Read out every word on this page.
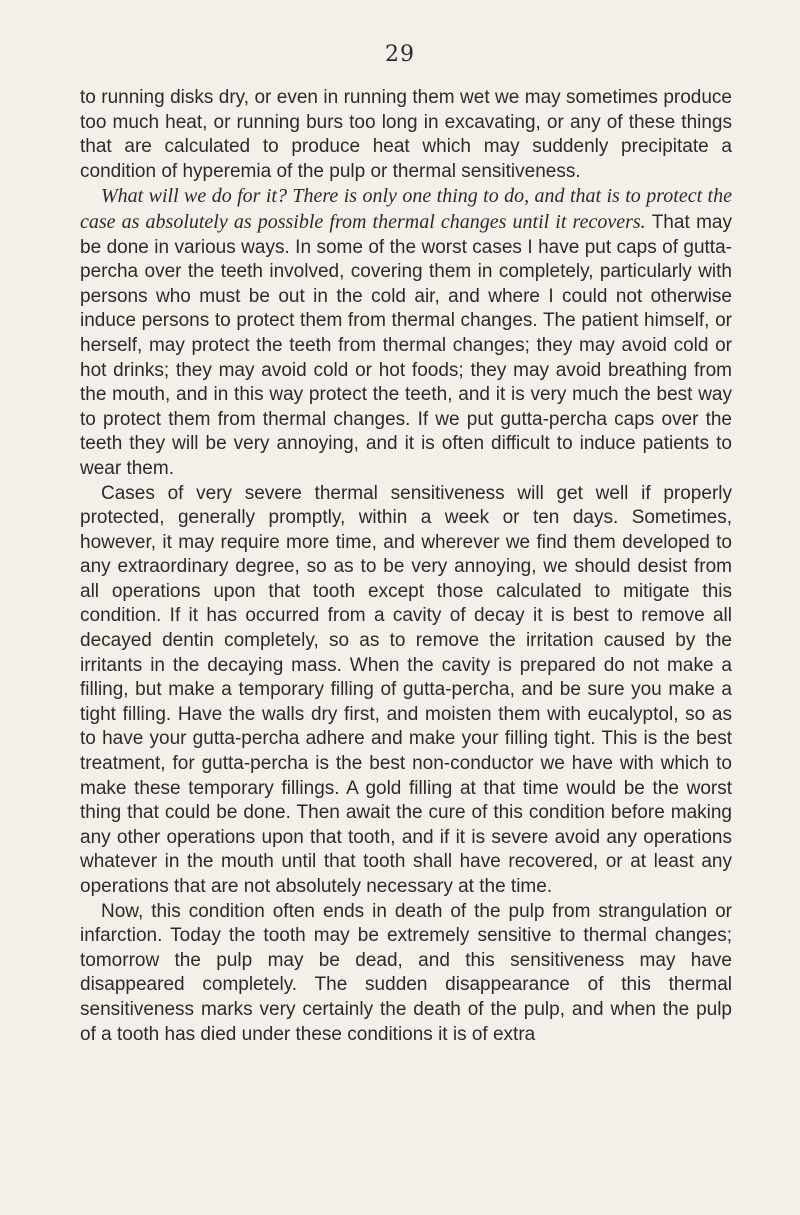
29

to running disks dry, or even in running them wet we may sometimes produce too much heat, or running burs too long in excavating, or any of these things that are calculated to produce heat which may suddenly precipitate a condition of hyperemia of the pulp or thermal sensitiveness.

What will we do for it? There is only one thing to do, and that is to protect the case as absolutely as possible from thermal changes until it recovers. That may be done in various ways. In some of the worst cases I have put caps of gutta-percha over the teeth involved, covering them in completely, particularly with persons who must be out in the cold air, and where I could not otherwise induce persons to protect them from thermal changes. The patient himself, or herself, may protect the teeth from thermal changes; they may avoid cold or hot drinks; they may avoid cold or hot foods; they may avoid breathing from the mouth, and in this way protect the teeth, and it is very much the best way to protect them from thermal changes. If we put gutta-percha caps over the teeth they will be very annoying, and it is often difficult to induce patients to wear them.

Cases of very severe thermal sensitiveness will get well if properly protected, generally promptly, within a week or ten days. Sometimes, however, it may require more time, and wherever we find them developed to any extraordinary degree, so as to be very annoying, we should desist from all operations upon that tooth except those calculated to mitigate this condition. If it has occurred from a cavity of decay it is best to remove all decayed dentin completely, so as to remove the irritation caused by the irritants in the decaying mass. When the cavity is prepared do not make a filling, but make a temporary filling of gutta-percha, and be sure you make a tight filling. Have the walls dry first, and moisten them with eucalyptol, so as to have your gutta-percha adhere and make your filling tight. This is the best treatment, for gutta-percha is the best non-conductor we have with which to make these temporary fillings. A gold filling at that time would be the worst thing that could be done. Then await the cure of this condition before making any other operations upon that tooth, and if it is severe avoid any operations whatever in the mouth until that tooth shall have recovered, or at least any operations that are not absolutely necessary at the time.

Now, this condition often ends in death of the pulp from strangulation or infarction. Today the tooth may be extremely sensitive to thermal changes; tomorrow the pulp may be dead, and this sensitiveness may have disappeared completely. The sudden disappearance of this thermal sensitiveness marks very certainly the death of the pulp, and when the pulp of a tooth has died under these conditions it is of extra
